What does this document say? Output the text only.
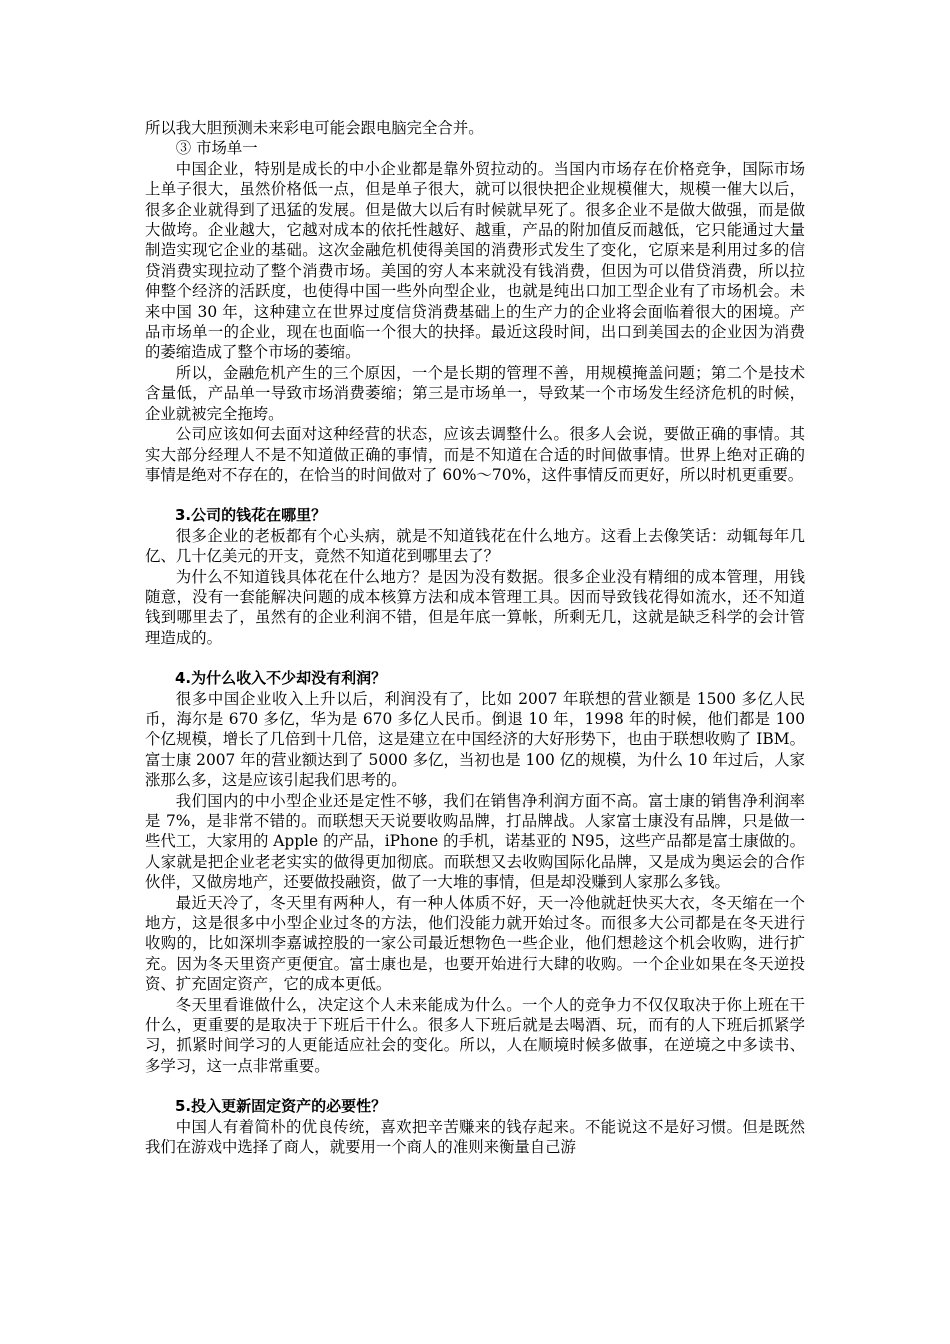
所以我大胆预测未来彩电可能会跟电脑完全合并。

③ 市场单一

中国企业，特别是成长的中小企业都是靠外贸拉动的。当国内市场存在价格竞争，国际市场上单子很大，虽然价格低一点，但是单子很大，就可以很快把企业规模催大，规模一催大以后，很多企业就得到了迅猛的发展。但是做大以后有时候就早死了。很多企业不是做大做强，而是做大做垮。企业越大，它越对成本的依托性越好、越重，产品的附加值反而越低，它只能通过大量制造实现它企业的基础。这次金融危机使得美国的消费形式发生了变化，它原来是利用过多的信贷消费实现拉动了整个消费市场。美国的穷人本来就没有钱消费，但因为可以借贷消费，所以拉伸整个经济的活跃度，也使得中国一些外向型企业，也就是纯出口加工型企业有了市场机会。未来中国 30 年，这种建立在世界过度信贷消费基础上的生产力的企业将会面临着很大的困境。产品市场单一的企业，现在也面临一个很大的抉择。最近这段时间，出口到美国去的企业因为消费的萎缩造成了整个市场的萎缩。

所以，金融危机产生的三个原因，一个是长期的管理不善，用规模掩盖问题；第二个是技术含量低，产品单一导致市场消费萎缩；第三是市场单一，导致某一个市场发生经济危机的时候，企业就被完全拖垮。

公司应该如何去面对这种经营的状态，应该去调整什么。很多人会说，要做正确的事情。其实大部分经理人不是不知道做正确的事情，而是不知道在合适的时间做事情。世界上绝对正确的事情是绝对不存在的，在恰当的时间做对了 60%～70%，这件事情反而更好，所以时机更重要。

3.公司的钱花在哪里？

很多企业的老板都有个心头病，就是不知道钱花在什么地方。这看上去像笑话：动辄每年几亿、几十亿美元的开支，竟然不知道花到哪里去了？

为什么不知道钱具体花在什么地方？是因为没有数据。很多企业没有精细的成本管理，用钱随意，没有一套能解决问题的成本核算方法和成本管理工具。因而导致钱花得如流水，还不知道钱到哪里去了，虽然有的企业利润不错，但是年底一算帐，所剩无几，这就是缺乏科学的会计管理造成的。

4.为什么收入不少却没有利润？

很多中国企业收入上升以后，利润没有了，比如 2007 年联想的营业额是 1500 多亿人民币，海尔是 670 多亿，华为是 670 多亿人民币。倒退 10 年，1998 年的时候，他们都是 100 个亿规模，增长了几倍到十几倍，这是建立在中国经济的大好形势下，也由于联想收购了 IBM。富士康 2007 年的营业额达到了 5000 多亿，当初也是 100 亿的规模，为什么 10 年过后，人家涨那么多，这是应该引起我们思考的。

我们国内的中小型企业还是定性不够，我们在销售净利润方面不高。富士康的销售净利润率是 7%，是非常不错的。而联想天天说要收购品牌，打品牌战。人家富士康没有品牌，只是做一些代工，大家用的 Apple 的产品，iPhone 的手机，诺基亚的 N95，这些产品都是富士康做的。人家就是把企业老老实实的做得更加彻底。而联想又去收购国际化品牌，又是成为奥运会的合作伙伴，又做房地产，还要做投融资，做了一大堆的事情，但是却没赚到人家那么多钱。

最近天冷了，冬天里有两种人，有一种人体质不好，天一冷他就赶快买大衣，冬天缩在一个地方，这是很多中小型企业过冬的方法，他们没能力就开始过冬。而很多大公司都是在冬天进行收购的，比如深圳李嘉诚控股的一家公司最近想物色一些企业，他们想趁这个机会收购，进行扩充。因为冬天里资产更便宜。富士康也是，也要开始进行大肆的收购。一个企业如果在冬天逆投资、扩充固定资产，它的成本更低。

冬天里看谁做什么，决定这个人未来能成为什么。一个人的竞争力不仅仅取决于你上班在干什么，更重要的是取决于下班后干什么。很多人下班后就是去喝酒、玩，而有的人下班后抓紧学习，抓紧时间学习的人更能适应社会的变化。所以，人在顺境时候多做事，在逆境之中多读书、多学习，这一点非常重要。

5.投入更新固定资产的必要性？

中国人有着简朴的优良传统，喜欢把辛苦赚来的钱存起来。不能说这不是好习惯。但是既然我们在游戏中选择了商人，就要用一个商人的准则来衡量自己游
